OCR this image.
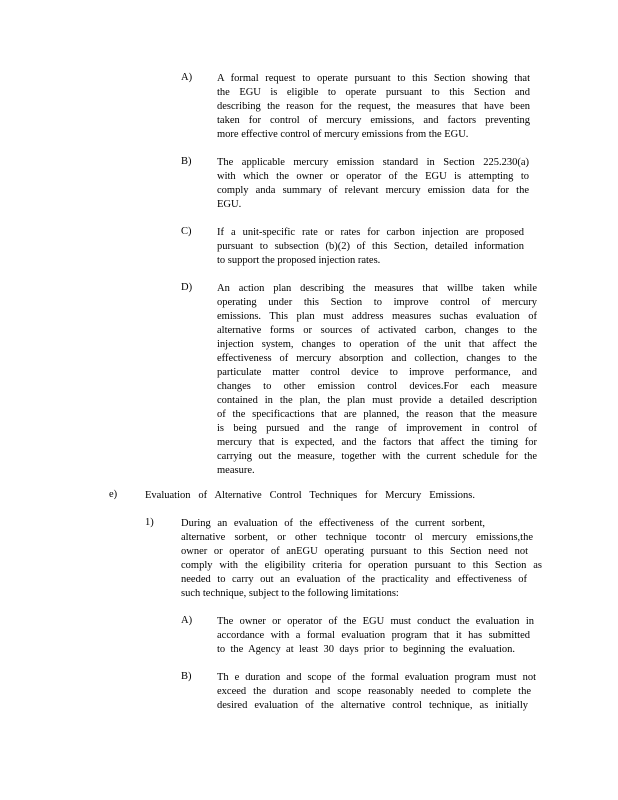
A) A formal request to operate pursuant to this Section showing that
the EGU is eligible to operate pursuant to this Section and
describing the reason for the request, the measures that have been
taken for control of mercury emissions, and factors preventing
more effective control of mercury emissions from the EGU.
B) The applicable mercury emission standard in Section 225.230(a)
with which the owner or operator of the EGU is attempting to
comply anda summary of relevant mercury emission data for the
EGU.
C) If a unit-specific rate or rates for carbon injection are proposed
pursuant to subsection (b)(2) of this Section, detailed information
to support the proposed injection rates.
D) An action plan describing the measures that willbe taken while
operating under this Section to improve control of mercury
emissions. This plan must address measures suchas evaluation of
alternative forms or sources of activated carbon, changes to the
injection system, changes to operation of the unit that affect the
effectiveness of mercury absorption and collection, changes to the
particulate matter control device to improve performance, and
changes to other emission control devices.For each measure
contained in the plan, the plan must provide a detailed description
of the specificactions that are planned, the reason that the measure
is being pursued and the range of improvement in control of
mercury that is expected, and the factors that affect the timing for
carrying out the measure, together with the current schedule for the
measure.
e)	Evaluation of Alternative Control Techniques for Mercury Emissions.
1)	During an evaluation of the effectiveness of the current sorbent,
alternative sorbent, or other technique tocontr ol mercury emissions,the
owner or operator of anEGU operating pursuant to this Section need not
comply with the eligibility criteria for operation pursuant to this Section as
needed to carry out an evaluation of the practicality and effectiveness of
such technique, subject to the following limitations:
A) The owner or operator of the EGU must conduct the evaluation in
accordance with a formal evaluation program that it has submitted
to the Agency at least 30 days prior to beginning the evaluation.
B) Th e duration and scope of the formal evaluation program must not
exceed the duration and scope reasonably needed to complete the
desired evaluation of the alternative control technique, as initially
